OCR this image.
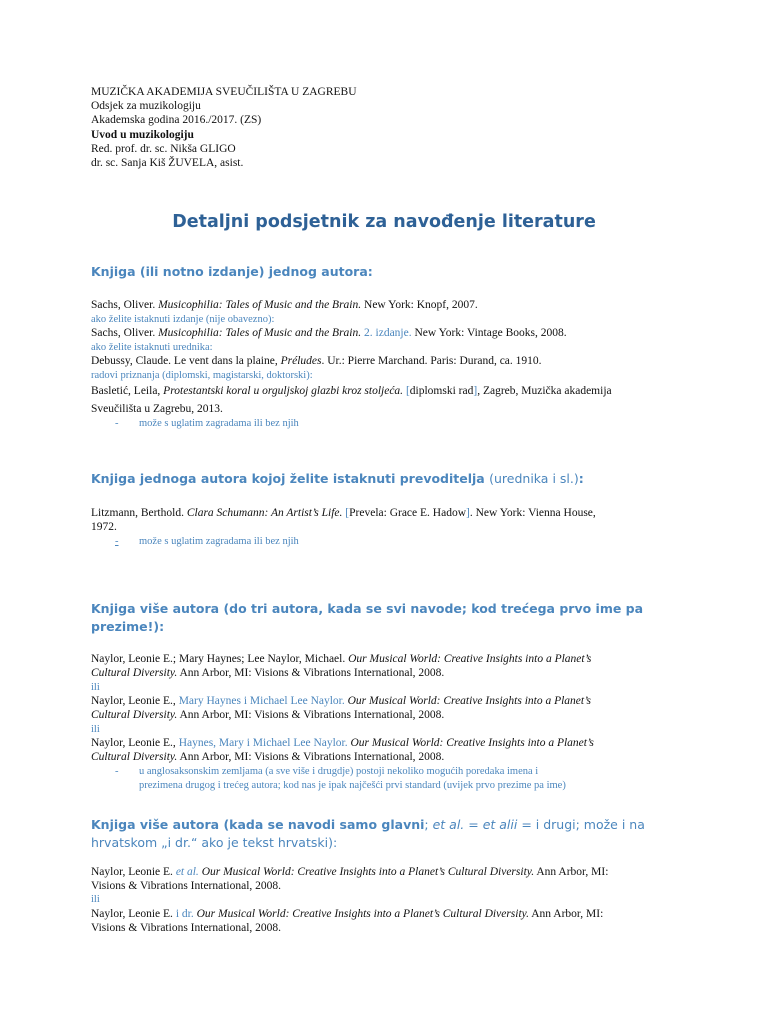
MUZIČKA AKADEMIJA SVEUČILIŠTA U ZAGREBU
Odsjek za muzikologiju
Akademska godina 2016./2017. (ZS)
Uvod u muzikologiju
Red. prof. dr. sc. Nikša GLIGO
dr. sc. Sanja Kiš ŽUVELA, asist.
Detaljni podsjetnik za navođenje literature
Knjiga (ili notno izdanje) jednog autora:
Sachs, Oliver. Musicophilia: Tales of Music and the Brain. New York: Knopf, 2007.
ako želite istaknuti izdanje (nije obavezno):
Sachs, Oliver. Musicophilia: Tales of Music and the Brain. 2. izdanje. New York: Vintage Books, 2008.
ako želite istaknuti urednika:
Debussy, Claude. Le vent dans la plaine, Préludes. Ur.: Pierre Marchand. Paris: Durand, ca. 1910.
radovi priznanja (diplomski, magistarski, doktorski):
Basletić, Leila, Protestantski koral u orguljskoj glazbi kroz stoljeća. [diplomski rad], Zagreb, Muzička akademija
Sveučilišta u Zagrebu, 2013.
-	može s uglatim zagradama ili bez njih
Knjiga jednoga autora kojoj želite istaknuti prevoditelja (urednika i sl.):
Litzmann, Berthold. Clara Schumann: An Artist’s Life. [Prevela: Grace E. Hadow]. New York: Vienna House,
1972.
-	može s uglatim zagradama ili bez njih
Knjiga više autora (do tri autora, kada se svi navode; kod trećega prvo ime pa prezime!):
Naylor, Leonie E.; Mary Haynes; Lee Naylor, Michael. Our Musical World: Creative Insights into a Planet’s
Cultural Diversity. Ann Arbor, MI: Visions & Vibrations International, 2008.
ili
Naylor, Leonie E., Mary Haynes i Michael Lee Naylor. Our Musical World: Creative Insights into a Planet’s
Cultural Diversity. Ann Arbor, MI: Visions & Vibrations International, 2008.
ili
Naylor, Leonie E., Haynes, Mary i Michael Lee Naylor. Our Musical World: Creative Insights into a Planet’s
Cultural Diversity. Ann Arbor, MI: Visions & Vibrations International, 2008.
-	u anglosaksonskim zemljama (a sve više i drugdje) postoji nekoliko mogućih poredaka imena i
prezimena drugog i trećeg autora; kod nas je ipak najčešći prvi standard (uvijek prvo prezime pa ime)
Knjiga više autora (kada se navodi samo glavni; et al. = et alii = i drugi; može i na
hrvatskom „i dr.“ ako je tekst hrvatski):
Naylor, Leonie E. et al. Our Musical World: Creative Insights into a Planet’s Cultural Diversity. Ann Arbor, MI:
Visions & Vibrations International, 2008.
ili
Naylor, Leonie E. i dr. Our Musical World: Creative Insights into a Planet’s Cultural Diversity. Ann Arbor, MI:
Visions & Vibrations International, 2008.
